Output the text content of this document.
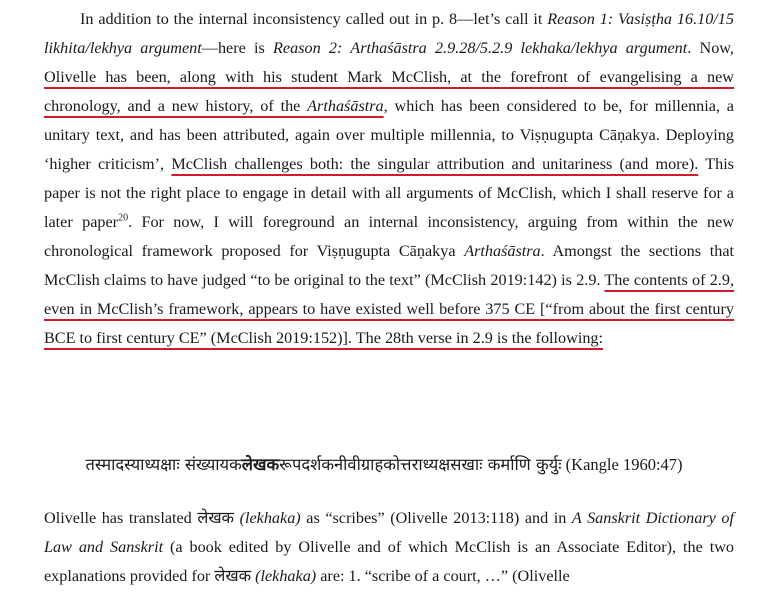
In addition to the internal inconsistency called out in p. 8—let’s call it Reason 1: Vasiṣṭha 16.10/15 likhita/lekhya argument—here is Reason 2: Arthaśāstra 2.9.28/5.2.9 lekhaka/lekhya argument. Now, Olivelle has been, along with his student Mark McClish, at the forefront of evangelising a new chronology, and a new history, of the Arthaśāstra, which has been considered to be, for millennia, a unitary text, and has been attributed, again over multiple millennia, to Viṣṇugupta Cāṇakya. Deploying ‘higher criticism’, McClish challenges both: the singular attribution and unitariness (and more). This paper is not the right place to engage in detail with all arguments of McClish, which I shall reserve for a later paper$^{20}$. For now, I will foreground an internal inconsistency, arguing from within the new chronological framework proposed for Viṣṇugupta Cāṇakya Arthaśāstra. Amongst the sections that McClish claims to have judged “to be original to the text” (McClish 2019:142) is 2.9. The contents of 2.9, even in McClish’s framework, appears to have existed well before 375 CE [“from about the first century BCE to first century CE” (McClish 2019:152)]. The 28th verse in 2.9 is the following:

तस्मादस्याध्यक्षाः संख्यायकलेखकरूपदर्शकनीवीग्राहकोत्तराध्यक्षसखाः कर्माणि कुर्युः (Kangle 1960:47)

Olivelle has translated लेखक (lekhaka) as “scribes” (Olivelle 2013:118) and in A Sanskrit Dictionary of Law and Sanskrit (a book edited by Olivelle and of which McClish is an Associate Editor), the two explanations provided for लेखक (lekhaka) are: 1. “scribe of a court, …” (Olivelle
